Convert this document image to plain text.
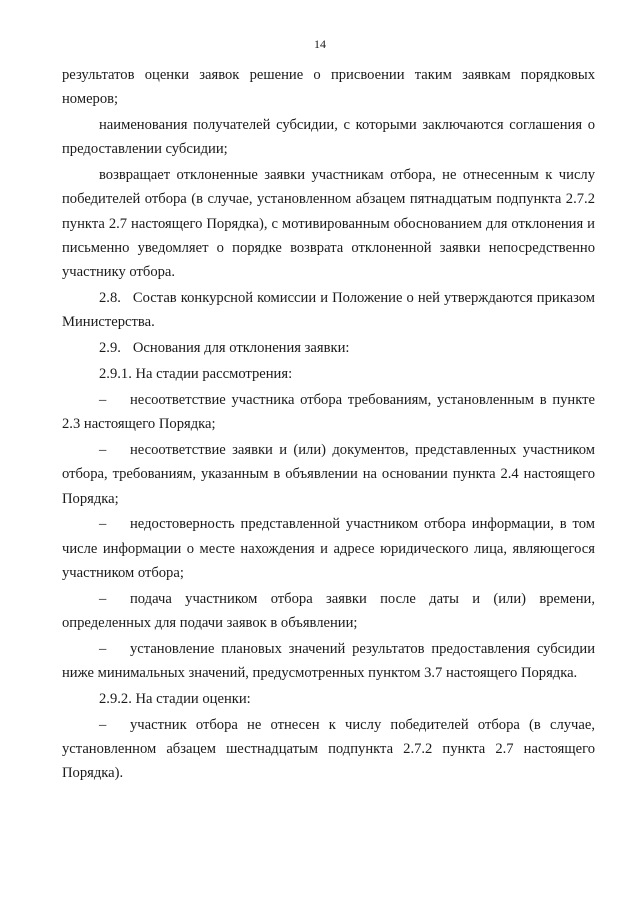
14

результатов оценки заявок решение о присвоении таким заявкам порядковых номеров;

наименования получателей субсидии, с которыми заключаются соглашения о предоставлении субсидии;

возвращает отклоненные заявки участникам отбора, не отнесенным к числу победителей отбора (в случае, установленном абзацем пятнадцатым подпункта 2.7.2 пункта 2.7 настоящего Порядка), с мотивированным обоснованием для отклонения и письменно уведомляет о порядке возврата отклоненной заявки непосредственно участнику отбора.

2.8. Состав конкурсной комиссии и Положение о ней утверждаются приказом Министерства.

2.9. Основания для отклонения заявки:

2.9.1. На стадии рассмотрения:

– несоответствие участника отбора требованиям, установленным в пункте 2.3 настоящего Порядка;

– несоответствие заявки и (или) документов, представленных участником отбора, требованиям, указанным в объявлении на основании пункта 2.4 настоящего Порядка;

– недостоверность представленной участником отбора информации, в том числе информации о месте нахождения и адресе юридического лица, являющегося участником отбора;

– подача участником отбора заявки после даты и (или) времени, определенных для подачи заявок в объявлении;

– установление плановых значений результатов предоставления субсидии ниже минимальных значений, предусмотренных пунктом 3.7 настоящего Порядка.

2.9.2. На стадии оценки:

– участник отбора не отнесен к числу победителей отбора (в случае, установленном абзацем шестнадцатым подпункта 2.7.2 пункта 2.7 настоящего Порядка).
